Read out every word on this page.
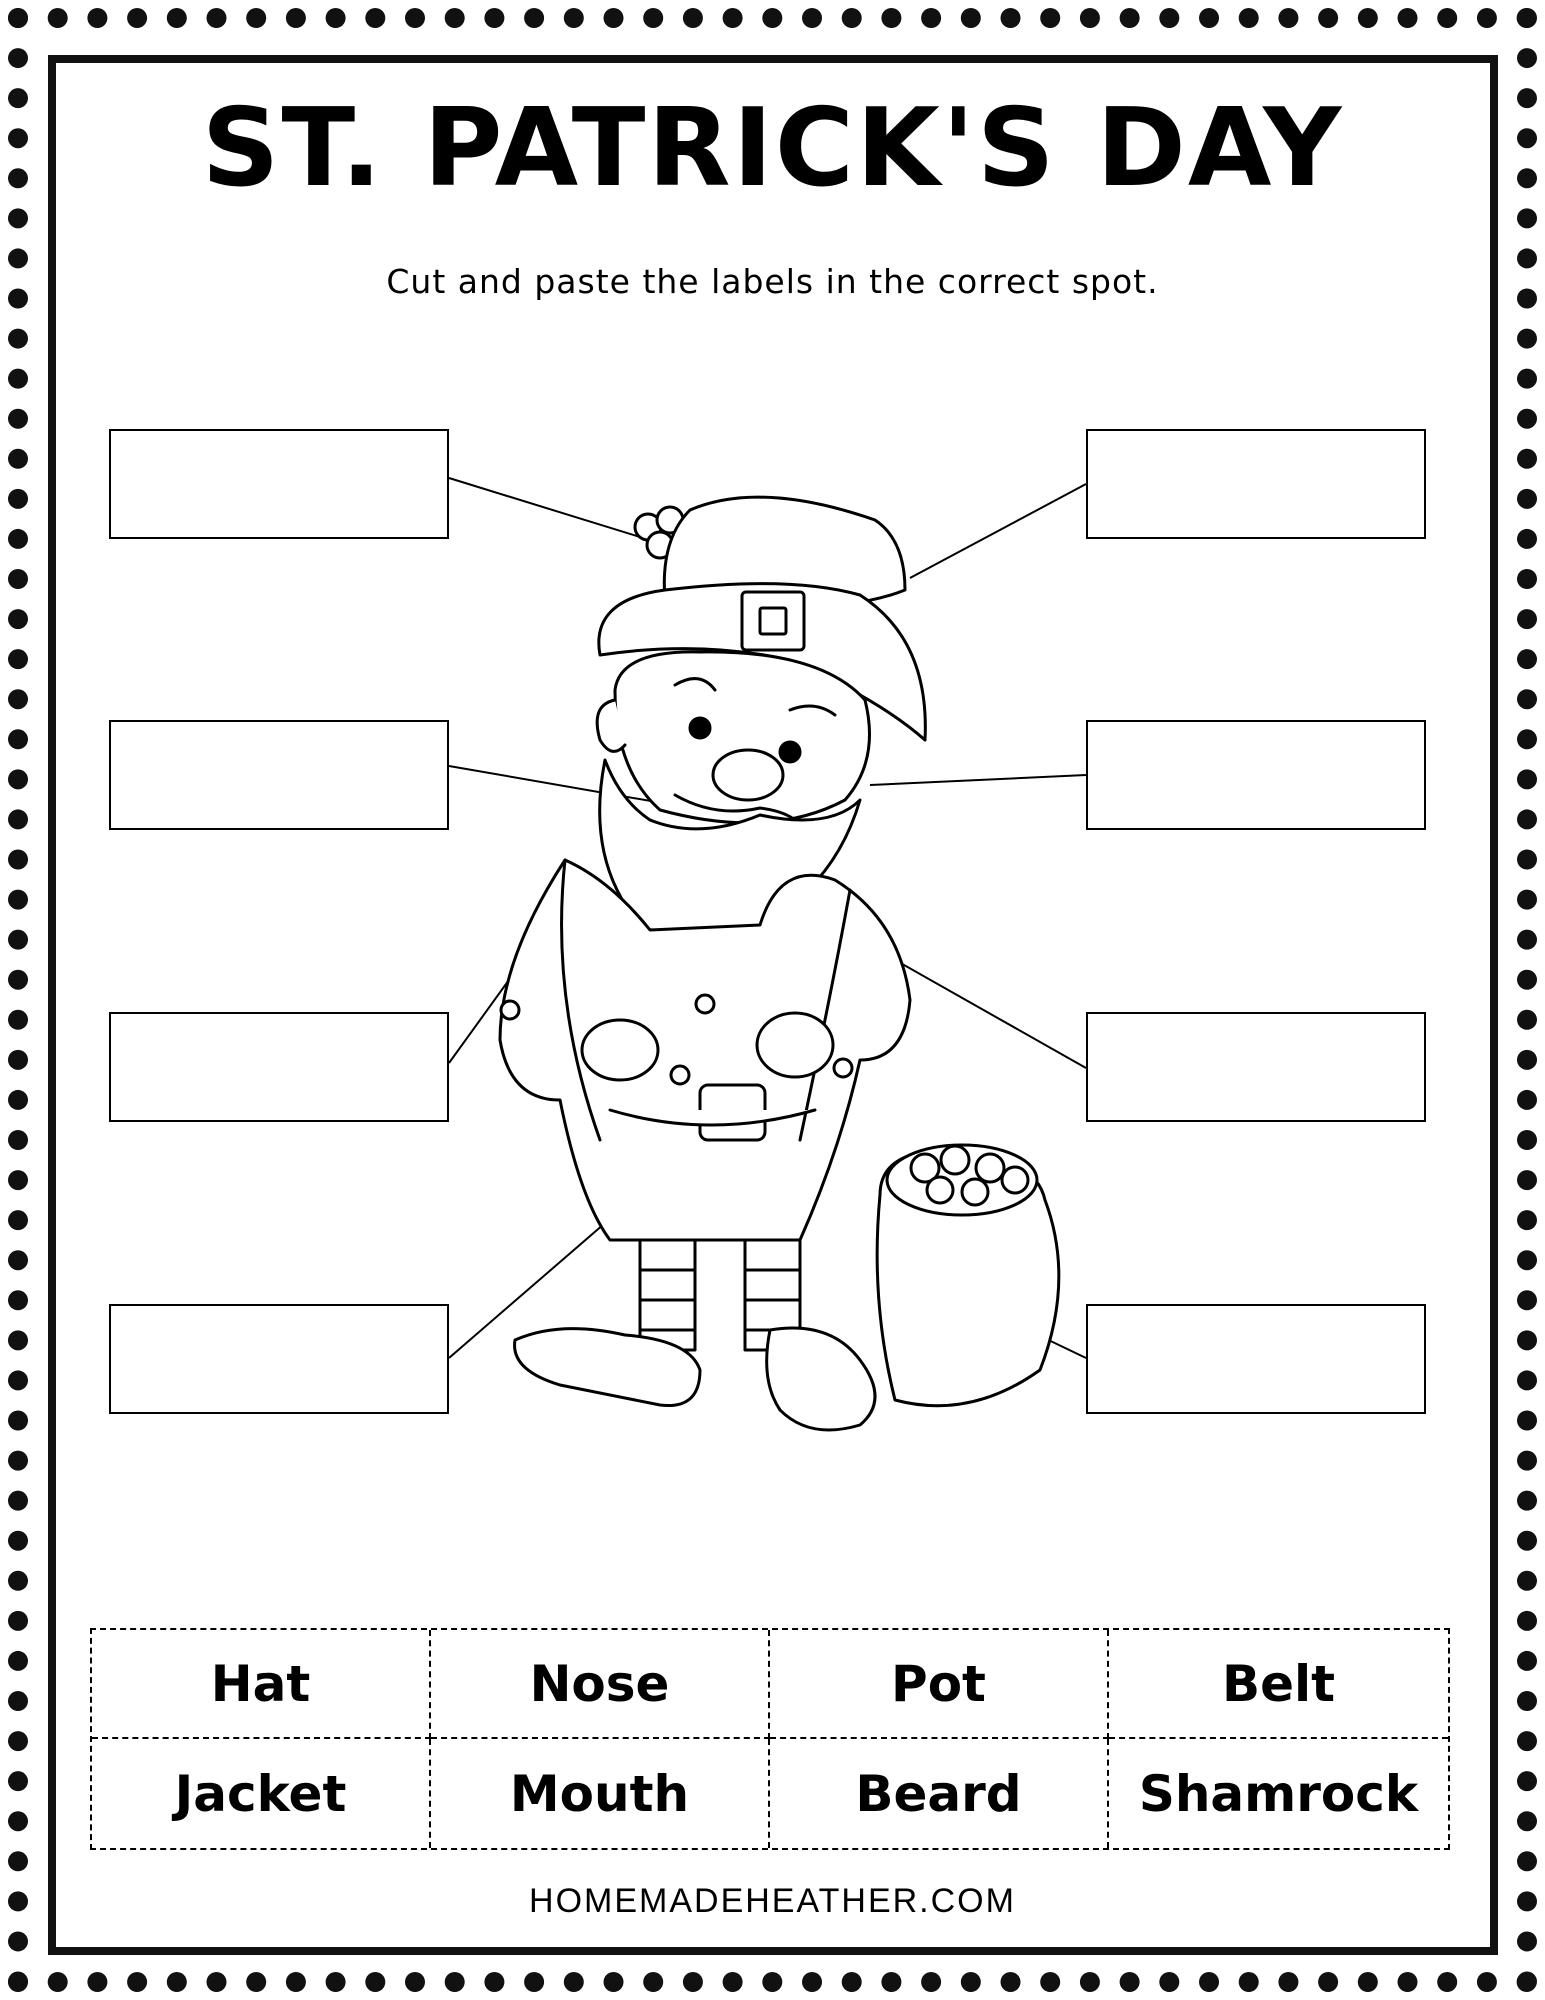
ST. PATRICK'S DAY
Cut and paste the labels in the correct spot.
Hat	Nose	Pot	Belt
Jacket	Mouth	Beard	Shamrock
HOMEMADEHEATHER.COM
